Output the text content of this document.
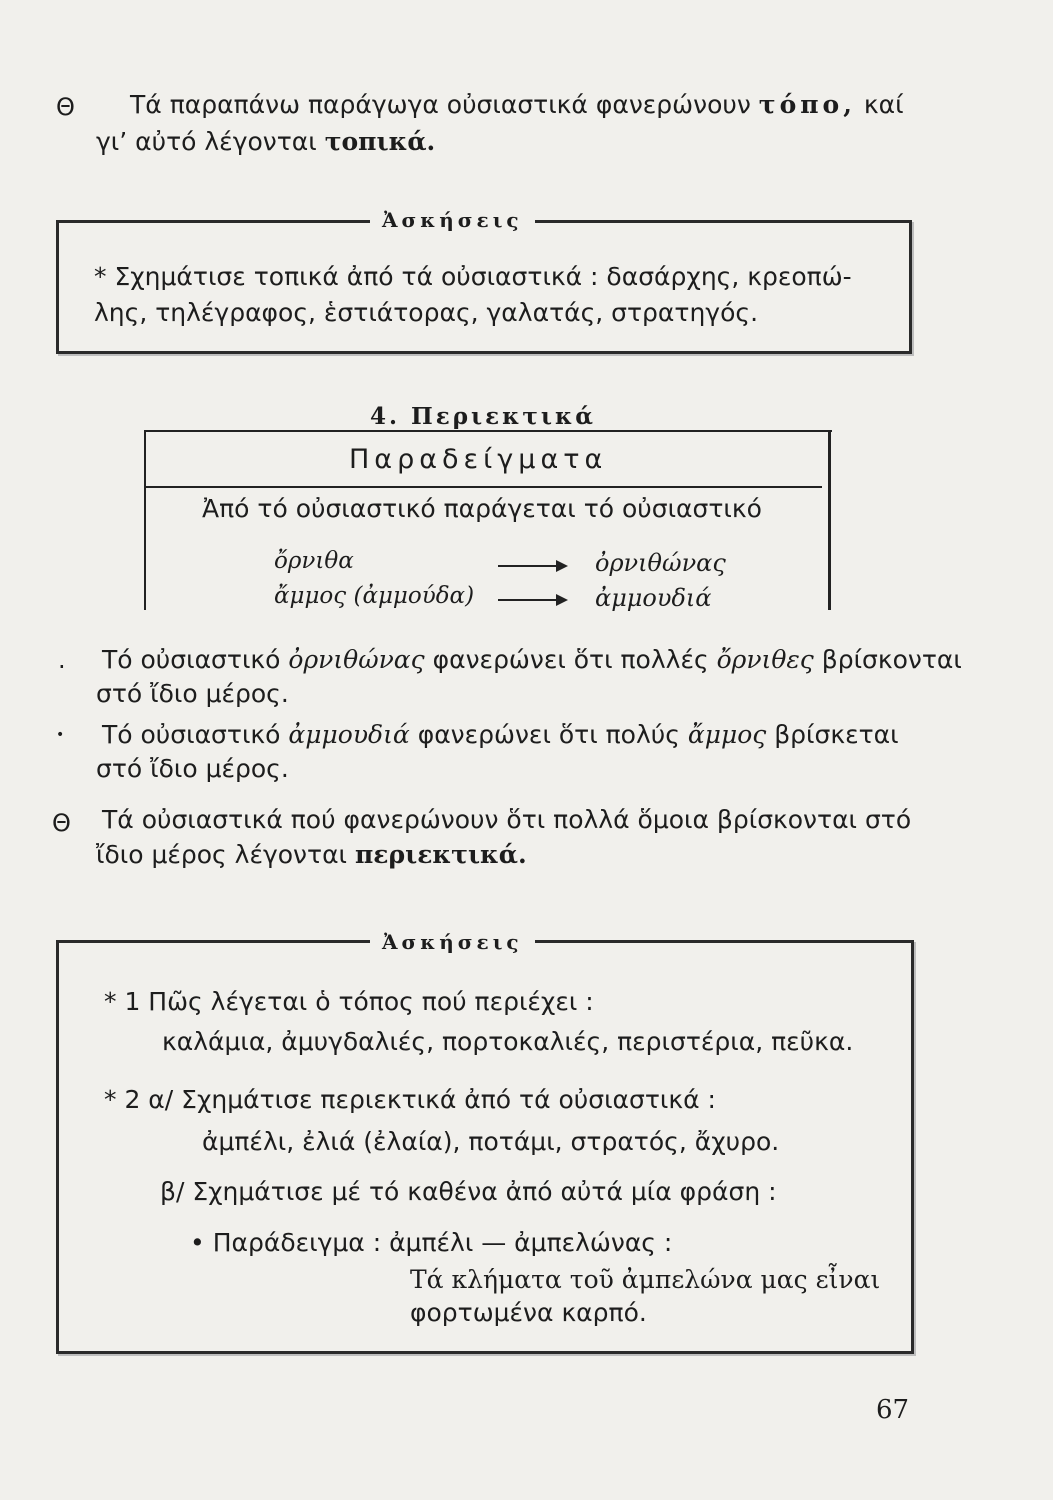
Θ Τά παραπάνω παράγωγα οὐσιαστικά φανερώνουν τόπο, καί
γι’ αὐτό λέγονται τοπικά.
Ἀσκήσεις
* Σχημάτισε τοπικά ἀπό τά οὐσιαστικά : δασάρχης, κρεοπώ-
λης, τηλέγραφος, ἑστιάτορας, γαλατάς, στρατηγός.
4. Περιεκτικά
Παραδείγματα
Ἀπό τό οὐσιαστικό παράγεται τό οὐσιαστικό
ὄρνιθα	ὀρνιθώνας
ἄμμος (ἀμμούδα)	ἀμμουδιά
. Τό οὐσιαστικό ὀρνιθώνας φανερώνει ὅτι πολλές ὄρνιθες βρίσκονται
στό ἴδιο μέρος.
• Τό οὐσιαστικό ἀμμουδιά φανερώνει ὅτι πολύς ἄμμος βρίσκεται
στό ἴδιο μέρος.
Θ Τά οὐσιαστικά πού φανερώνουν ὅτι πολλά ὅμοια βρίσκονται στό
ἴδιο μέρος λέγονται περιεκτικά.
Ἀσκήσεις
* 1 Πῶς λέγεται ὁ τόπος πού περιέχει :
καλάμια, ἀμυγδαλιές, πορτοκαλιές, περιστέρια, πεῦκα.
* 2 α/ Σχημάτισε περιεκτικά ἀπό τά οὐσιαστικά :
ἀμπέλι, ἐλιά (ἐλαία), ποτάμι, στρατός, ἄχυρο.
β/ Σχημάτισε μέ τό καθένα ἀπό αὐτά μία φράση :
• Παράδειγμα : ἀμπέλι — ἀμπελώνας :
Τά κλήματα τοῦ ἀμπελώνα μας εἶναι
φορτωμένα καρπό.
67
